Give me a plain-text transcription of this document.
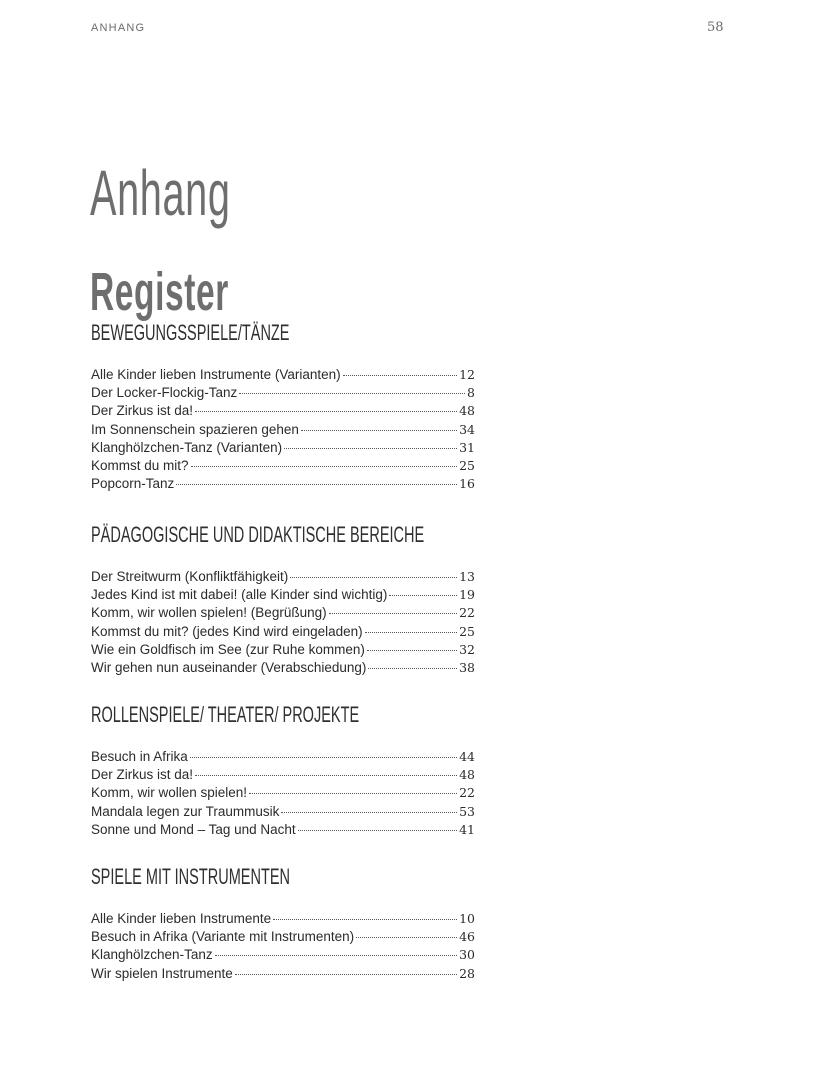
ANHANG	58
Anhang
Register
BEWEGUNGSSPIELE/TÄNZE
Alle Kinder lieben Instrumente (Varianten)	12
Der Locker-Flockig-Tanz	8
Der Zirkus ist da!	48
Im Sonnenschein spazieren gehen	34
Klanghölzchen-Tanz (Varianten)	31
Kommst du mit?	25
Popcorn-Tanz	16
PÄDAGOGISCHE UND DIDAKTISCHE BEREICHE
Der Streitwurm (Konfliktfähigkeit)	13
Jedes Kind ist mit dabei! (alle Kinder sind wichtig)	19
Komm, wir wollen spielen! (Begrüßung)	22
Kommst du mit? (jedes Kind wird eingeladen)	25
Wie ein Goldfisch im See (zur Ruhe kommen)	32
Wir gehen nun auseinander (Verabschiedung)	38
ROLLENSPIELE/ THEATER/ PROJEKTE
Besuch in Afrika	44
Der Zirkus ist da!	48
Komm, wir wollen spielen!	22
Mandala legen zur Traummusik	53
Sonne und Mond – Tag und Nacht	41
SPIELE MIT INSTRUMENTEN
Alle Kinder lieben Instrumente	10
Besuch in Afrika (Variante mit Instrumenten)	46
Klanghölzchen-Tanz	30
Wir spielen Instrumente	28
